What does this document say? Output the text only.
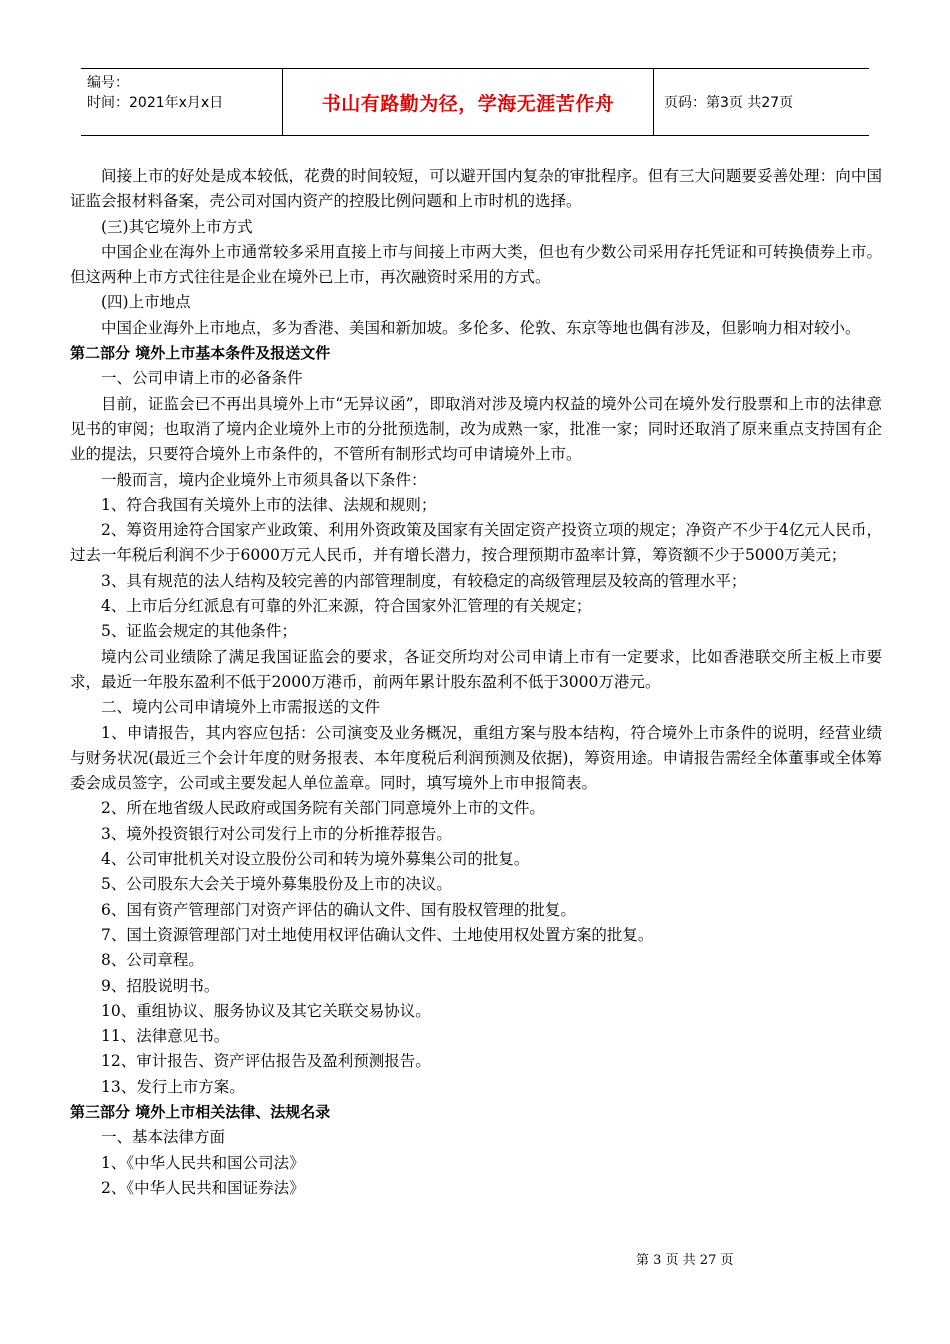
编号：
时间：2021年x月x日	书山有路勤为径，学海无涯苦作舟	页码：第3页 共27页

间接上市的好处是成本较低，花费的时间较短，可以避开国内复杂的审批程序。但有三大问题要妥善处理：向中国证监会报材料备案，壳公司对国内资产的控股比例问题和上市时机的选择。

(三)其它境外上市方式

中国企业在海外上市通常较多采用直接上市与间接上市两大类，但也有少数公司采用存托凭证和可转换债券上市。但这两种上市方式往往是企业在境外已上市，再次融资时采用的方式。

(四)上市地点

中国企业海外上市地点，多为香港、美国和新加坡。多伦多、伦敦、东京等地也偶有涉及，但影响力相对较小。

第二部分 境外上市基本条件及报送文件

一、公司申请上市的必备条件

目前，证监会已不再出具境外上市“无异议函”，即取消对涉及境内权益的境外公司在境外发行股票和上市的法律意见书的审阅；也取消了境内企业境外上市的分批预选制，改为成熟一家，批准一家；同时还取消了原来重点支持国有企业的提法，只要符合境外上市条件的，不管所有制形式均可申请境外上市。

一般而言，境内企业境外上市须具备以下条件：

1、符合我国有关境外上市的法律、法规和规则；

2、筹资用途符合国家产业政策、利用外资政策及国家有关固定资产投资立项的规定；净资产不少于4亿元人民币，过去一年税后利润不少于6000万元人民币，并有增长潜力，按合理预期市盈率计算，筹资额不少于5000万美元；

3、具有规范的法人结构及较完善的内部管理制度，有较稳定的高级管理层及较高的管理水平；

4、上市后分红派息有可靠的外汇来源，符合国家外汇管理的有关规定；

5、证监会规定的其他条件；

境内公司业绩除了满足我国证监会的要求，各证交所均对公司申请上市有一定要求，比如香港联交所主板上市要求，最近一年股东盈利不低于2000万港币，前两年累计股东盈利不低于3000万港元。

二、境内公司申请境外上市需报送的文件

1、申请报告，其内容应包括：公司演变及业务概况，重组方案与股本结构，符合境外上市条件的说明，经营业绩与财务状况(最近三个会计年度的财务报表、本年度税后利润预测及依据)，筹资用途。申请报告需经全体董事或全体筹委会成员签字，公司或主要发起人单位盖章。同时，填写境外上市申报简表。

2、所在地省级人民政府或国务院有关部门同意境外上市的文件。

3、境外投资银行对公司发行上市的分析推荐报告。

4、公司审批机关对设立股份公司和转为境外募集公司的批复。

5、公司股东大会关于境外募集股份及上市的决议。

6、国有资产管理部门对资产评估的确认文件、国有股权管理的批复。

7、国土资源管理部门对土地使用权评估确认文件、土地使用权处置方案的批复。

8、公司章程。

9、招股说明书。

10、重组协议、服务协议及其它关联交易协议。

11、法律意见书。

12、审计报告、资产评估报告及盈利预测报告。

13、发行上市方案。

第三部分 境外上市相关法律、法规名录

一、基本法律方面

1、《中华人民共和国公司法》

2、《中华人民共和国证券法》

第 3 页 共 27 页
